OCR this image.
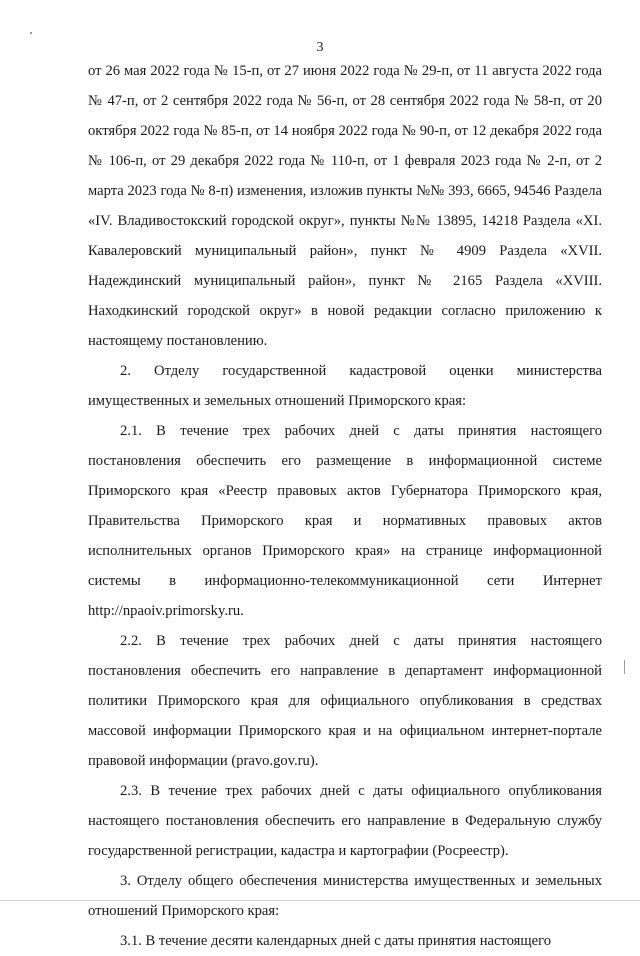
3

от 26 мая 2022 года № 15-п, от 27 июня 2022 года № 29-п, от 11 августа 2022 года № 47-п, от 2 сентября 2022 года № 56-п, от 28 сентября 2022 года № 58-п, от 20 октября 2022 года № 85-п, от 14 ноября 2022 года № 90-п, от 12 декабря 2022 года № 106-п, от 29 декабря 2022 года № 110-п, от 1 февраля 2023 года № 2-п, от 2 марта 2023 года № 8-п) изменения, изложив пункты №№ 393, 6665, 94546 Раздела «IV. Владивостокский городской округ», пункты №№ 13895, 14218 Раздела «XI. Кавалеровский муниципальный район», пункт № 4909 Раздела «XVII. Надеждинский муниципальный район», пункт № 2165 Раздела «XVIII. Находкинский городской округ» в новой редакции согласно приложению к настоящему постановлению.

2. Отделу государственной кадастровой оценки министерства имущественных и земельных отношений Приморского края:

2.1. В течение трех рабочих дней с даты принятия настоящего постановления обеспечить его размещение в информационной системе Приморского края «Реестр правовых актов Губернатора Приморского края, Правительства Приморского края и нормативных правовых актов исполнительных органов Приморского края» на странице информационной системы в информационно-телекоммуникационной сети Интернет http://npaoiv.primorsky.ru.

2.2. В течение трех рабочих дней с даты принятия настоящего постановления обеспечить его направление в департамент информационной политики Приморского края для официального опубликования в средствах массовой информации Приморского края и на официальном интернет-портале правовой информации (pravo.gov.ru).

2.3. В течение трех рабочих дней с даты официального опубликования настоящего постановления обеспечить его направление в Федеральную службу государственной регистрации, кадастра и картографии (Росреестр).

3. Отделу общего обеспечения министерства имущественных и земельных отношений Приморского края:

3.1. В течение десяти календарных дней с даты принятия настоящего
